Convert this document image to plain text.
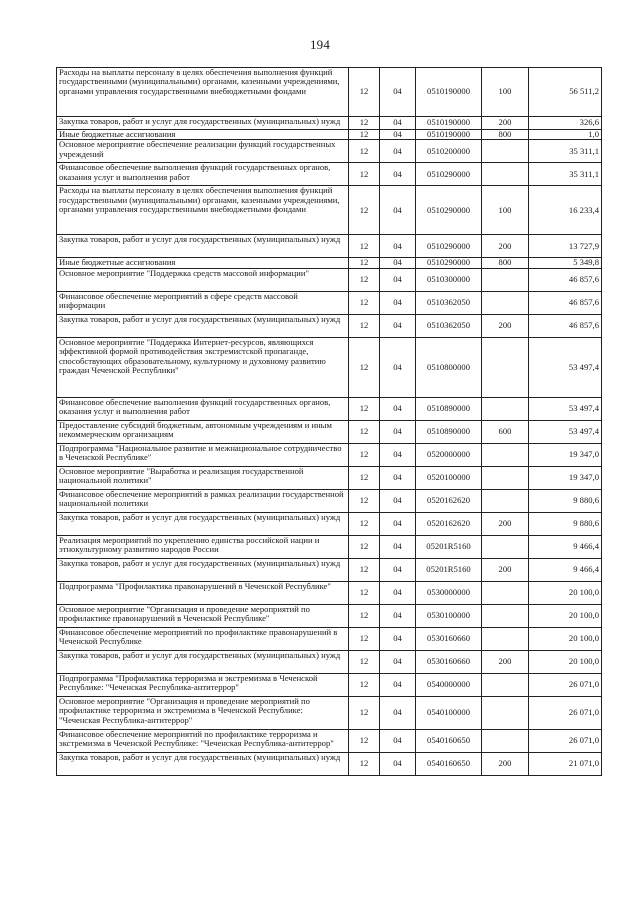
194
Расходы на выплаты персоналу в целях обеспечения выполнения функций государственными (муниципальными) органами, казенными учреждениями, органами управления государственными внебюджетными фондами	12	04	0510190000	100	56 511,2
Закупка товаров, работ и услуг для государственных (муниципальных) нужд	12	04	0510190000	200	326,6
Иные бюджетные ассигнования	12	04	0510190000	800	1,0
Основное мероприятие обеспечение реализации функций государственных учреждений	12	04	0510200000		35 311,1
Финансовое обеспечение выполнения функций государственных органов, оказания услуг и выполнения работ	12	04	0510290000		35 311,1
Расходы на выплаты персоналу в целях обеспечения выполнения функций государственными (муниципальными) органами, казенными учреждениями, органами управления государственными внебюджетными фондами	12	04	0510290000	100	16 233,4
Закупка товаров, работ и услуг для государственных (муниципальных) нужд	12	04	0510290000	200	13 727,9
Иные бюджетные ассигнования	12	04	0510290000	800	5 349,8
Основное мероприятие "Поддержка средств массовой информации"	12	04	0510300000		46 857,6
Финансовое обеспечение мероприятий в сфере средств массовой информации	12	04	0510362050		46 857,6
Закупка товаров, работ и услуг для государственных (муниципальных) нужд	12	04	0510362050	200	46 857,6
Основное мероприятие "Поддержка Интернет-ресурсов, являющихся эффективной формой противодействия экстремистской пропаганде, способствующих образовательному, культурному и духовному развитию граждан Чеченской Республики"	12	04	0510800000		53 497,4
Финансовое обеспечение выполнения функций государственных органов, оказания услуг и выполнения работ	12	04	0510890000		53 497,4
Предоставление субсидий бюджетным, автономным учреждениям и иным некоммерческим организациям	12	04	0510890000	600	53 497,4
Подпрограмма "Национальное развитие и межнациональное сотрудничество в Чеченской Республике"	12	04	0520000000		19 347,0
Основное мероприятие "Выработка и реализация государственной национальной политики"	12	04	0520100000		19 347,0
Финансовое обеспечение мероприятий в рамках реализации государственной национальной политики	12	04	0520162620		9 880,6
Закупка товаров, работ и услуг для государственных (муниципальных) нужд	12	04	0520162620	200	9 880,6
Реализация мероприятий по укреплению единства российской нации и этнокультурному развитию народов России	12	04	05201R5160		9 466,4
Закупка товаров, работ и услуг для государственных (муниципальных) нужд	12	04	05201R5160	200	9 466,4
Подпрограмма "Профилактика правонарушений в Чеченской Республике"	12	04	0530000000		20 100,0
Основное мероприятие "Организация и проведение мероприятий по профилактике правонарушений в Чеченской Республике"	12	04	0530100000		20 100,0
Финансовое обеспечение мероприятий по профилактике правонарушений в Чеченской Республике	12	04	0530160660		20 100,0
Закупка товаров, работ и услуг для государственных (муниципальных) нужд	12	04	0530160660	200	20 100,0
Подпрограмма "Профилактика терроризма и экстремизма в Чеченской Республике: "Чеченская Республика-антитеррор"	12	04	0540000000		26 071,0
Основное мероприятие "Организация и проведение мероприятий по профилактике терроризма и экстремизма в Чеченской Республике: "Чеченская Республика-антитеррор"	12	04	0540100000		26 071,0
Финансовое обеспечение мероприятий по профилактике терроризма и экстремизма в Чеченской Республике: "Чеченская Республика-антитеррор"	12	04	0540160650		26 071,0
Закупка товаров, работ и услуг для государственных (муниципальных) нужд	12	04	0540160650	200	21 071,0
